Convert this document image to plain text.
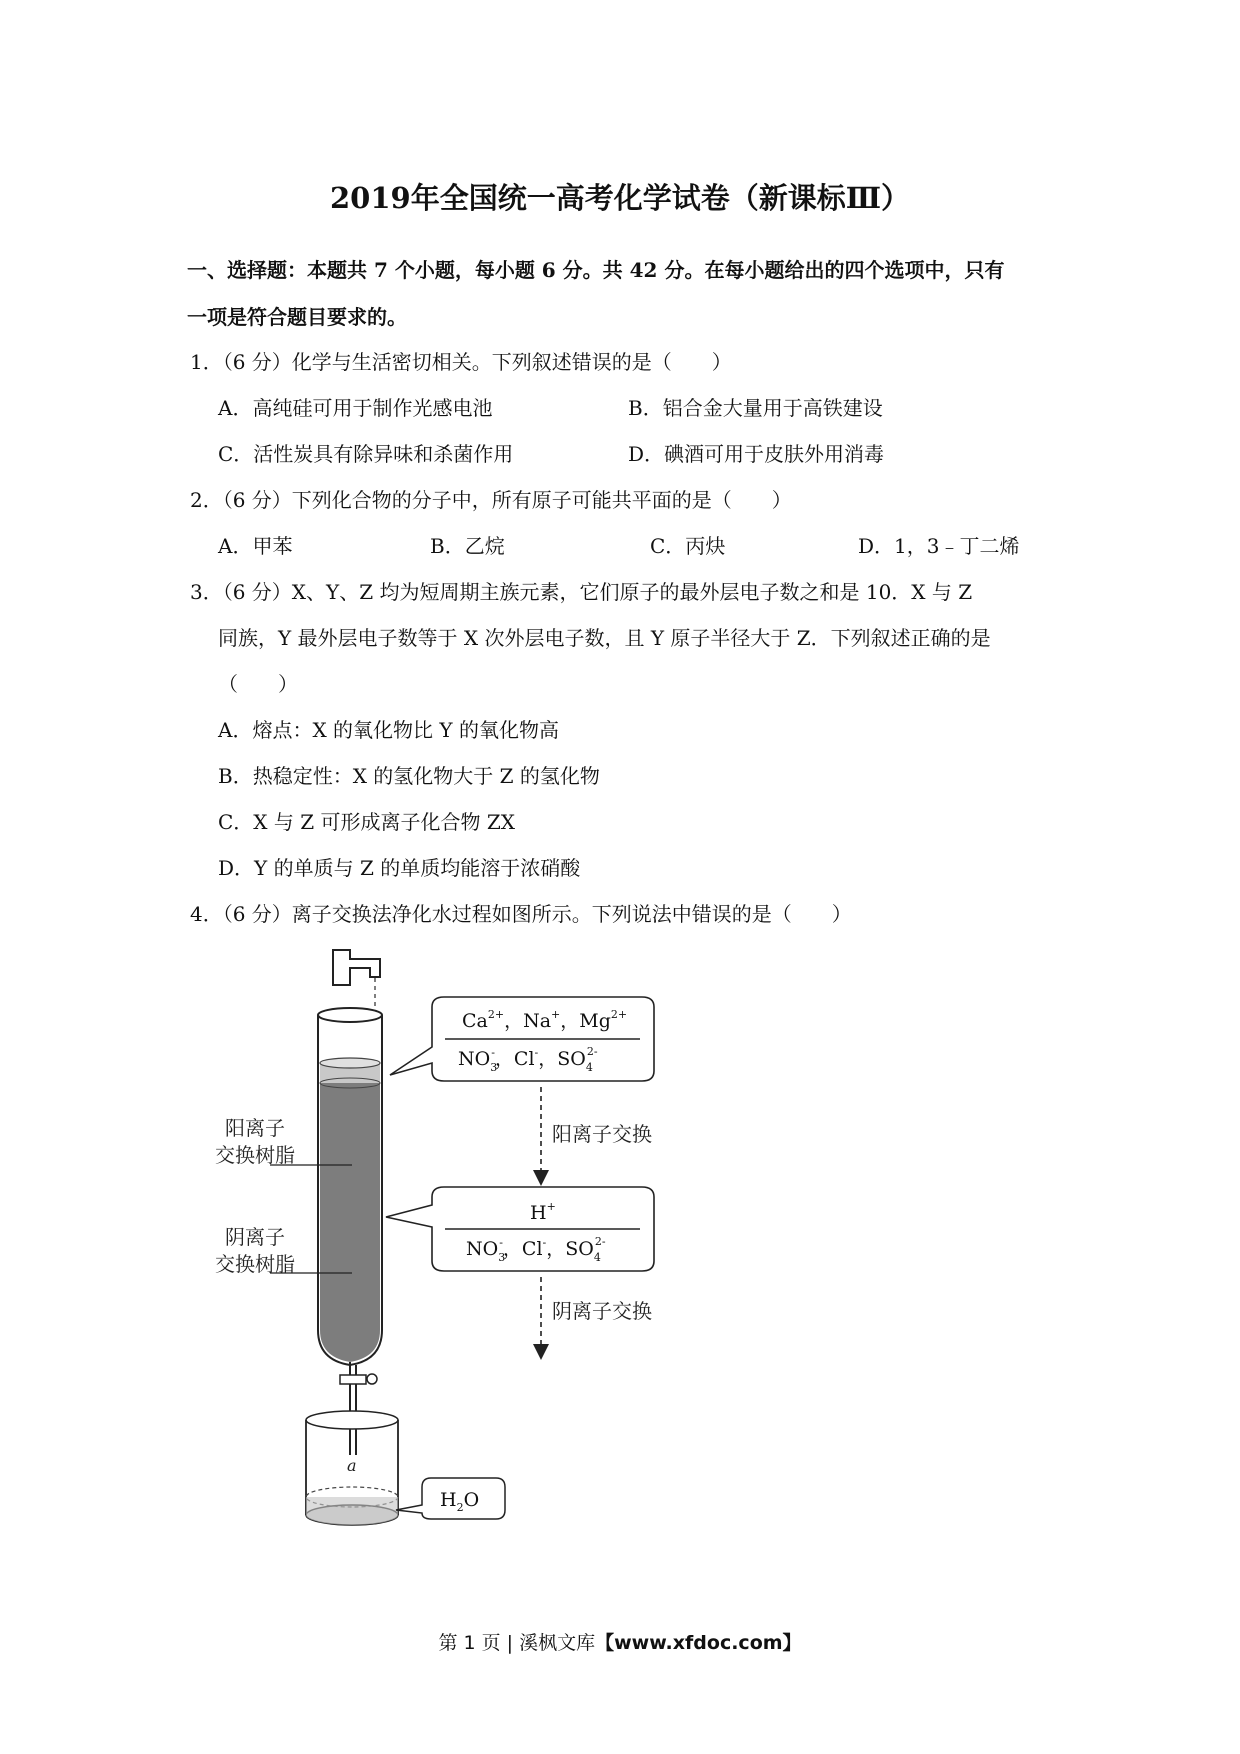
2019年全国统一高考化学试卷（新课标Ⅲ）
一、选择题：本题共 7 个小题，每小题 6 分。共 42 分。在每小题给出的四个选项中，只有
一项是符合题目要求的。
1．（6 分）化学与生活密切相关。下列叙述错误的是（　　）
A．高纯硅可用于制作光感电池	B．铝合金大量用于高铁建设
C．活性炭具有除异味和杀菌作用	D．碘酒可用于皮肤外用消毒
2．（6 分）下列化合物的分子中，所有原子可能共平面的是（　　）
A．甲苯	B．乙烷	C．丙炔	D．1，3﹣丁二烯
3．（6 分）X、Y、Z 均为短周期主族元素，它们原子的最外层电子数之和是 10．X 与 Z
同族，Y 最外层电子数等于 X 次外层电子数，且 Y 原子半径大于 Z．下列叙述正确的是
（　　）
A．熔点：X 的氧化物比 Y 的氧化物高
B．热稳定性：X 的氢化物大于 Z 的氢化物
C．X 与 Z 可形成离子化合物 ZX
D．Y 的单质与 Z 的单质均能溶于浓硝酸
4．（6 分）离子交换法净化水过程如图所示。下列说法中错误的是（　　）
阳离子
交换树脂
阴离子
交换树脂
$Ca^{2+}$，Na+，$Mg^{2+}$
$NO_3-$，Cl-，$SO_42-$
阳离子交换
H+
$NO_3-$，Cl-，$SO_42-$
阴离子交换
a
$H_2O$
第 1 页 | 溪枫文库【www.xfdoc.com】
